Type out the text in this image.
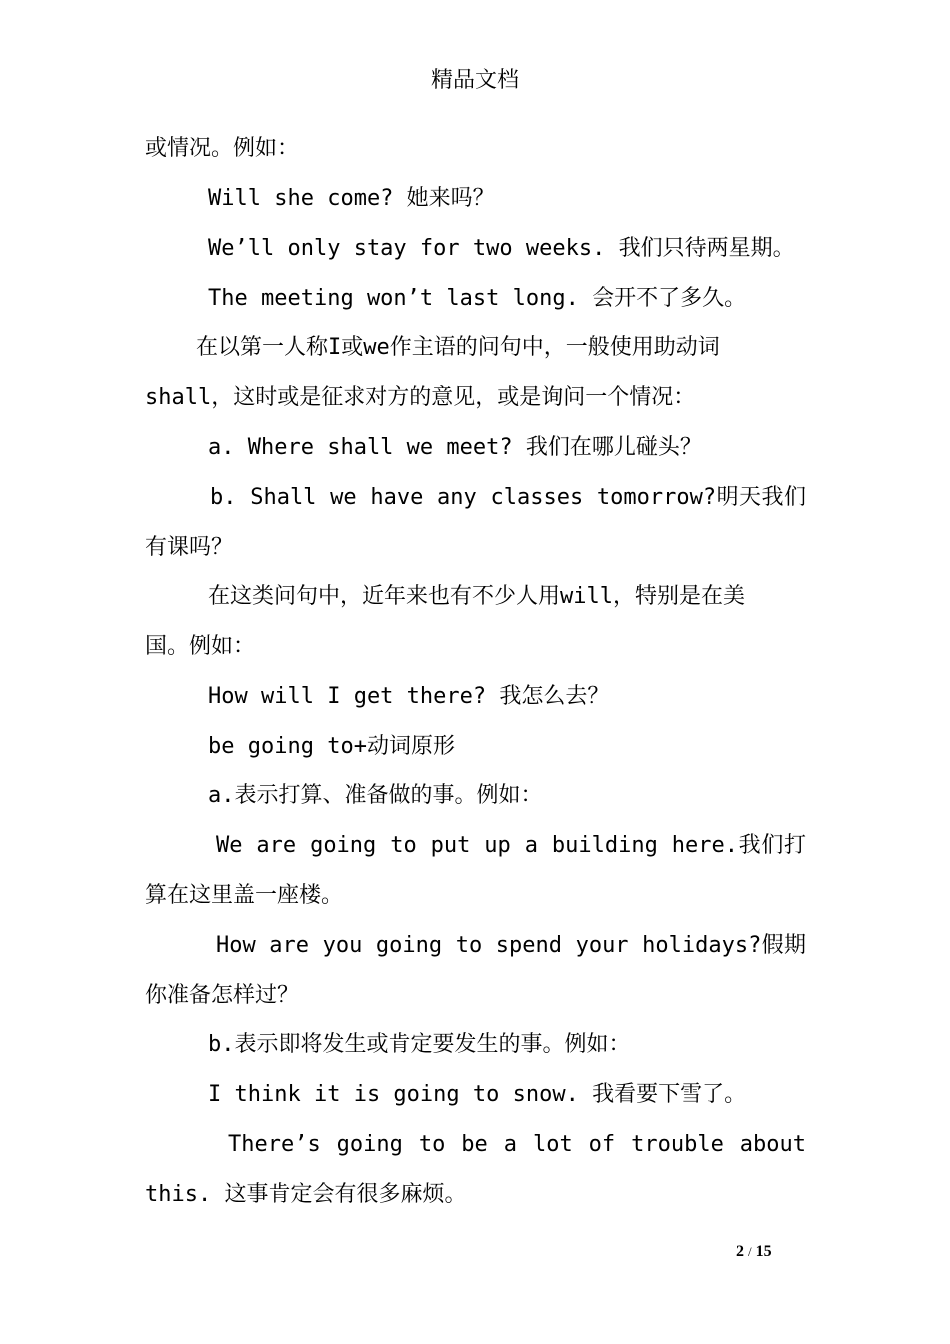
精品文档
或情况。例如：
Will she come? 她来吗？
We’ll only stay for two weeks. 我们只待两星期。
The meeting won’t last long. 会开不了多久。
在以第一人称I或we作主语的问句中，一般使用助动词
shall，这时或是征求对方的意见，或是询问一个情况：
a. Where shall we meet? 我们在哪儿碰头？
b. Shall we have any classes tomorrow?明天我们
有课吗？
在这类问句中，近年来也有不少人用will，特别是在美
国。例如：
How will I get there? 我怎么去？
be going to+动词原形
a.表示打算、准备做的事。例如：
We are going to put up a building here.我们打
算在这里盖一座楼。
How are you going to spend your holidays?假期
你准备怎样过？
b.表示即将发生或肯定要发生的事。例如：
I think it is going to snow. 我看要下雪了。
There’s going to be a lot of trouble about
this. 这事肯定会有很多麻烦。
2 / 15
